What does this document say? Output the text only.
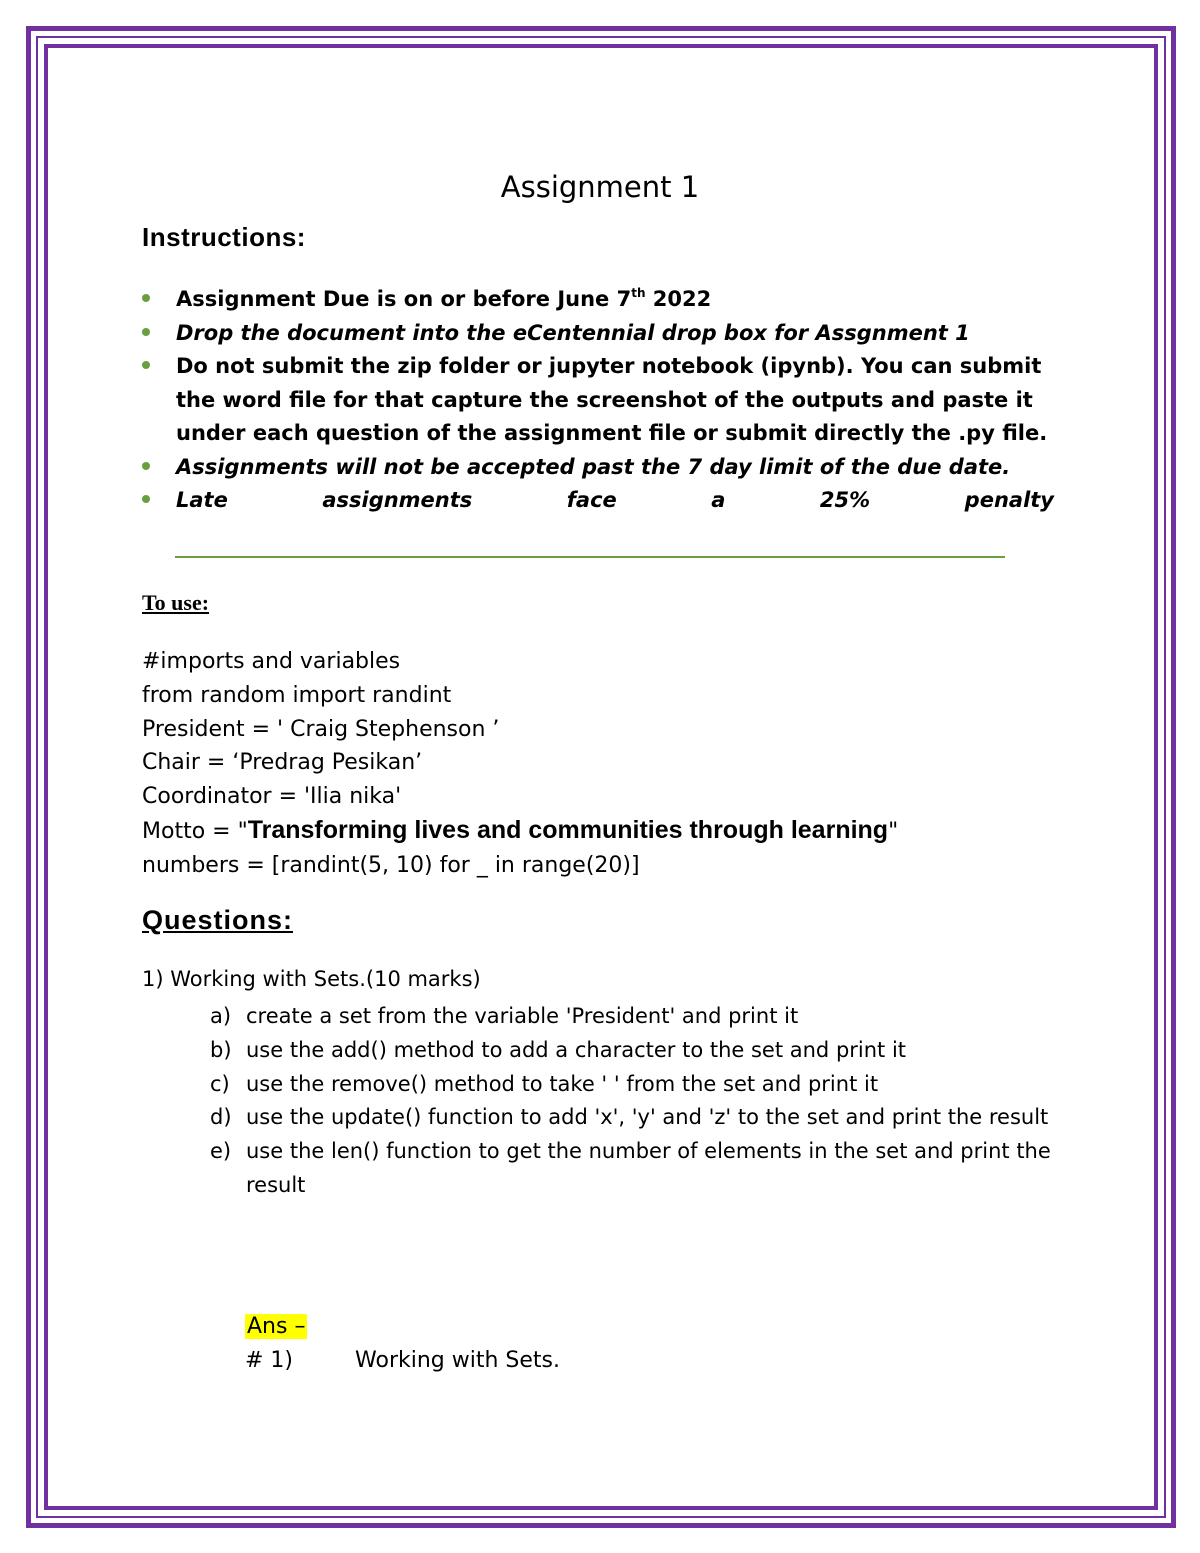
Assignment 1
Instructions:
Assignment Due is on or before June 7th 2022
Drop the document into the eCentennial drop box for Assgnment 1
Do not submit the zip folder or jupyter notebook (ipynb). You can submit the word file for that capture the screenshot of the outputs and paste it under each question of the assignment file or submit directly the .py file.
Assignments will not be accepted past the 7 day limit of the due date.
Late	assignments	face	a	25%	penalty
To use:
#imports and variables
from random import randint
President = ' Craig Stephenson ’
Chair = ‘Predrag Pesikan’
Coordinator = 'Ilia nika'
Motto = "Transforming lives and communities through learning"
numbers = [randint(5, 10) for _ in range(20)]
Questions:
1) Working with Sets.(10 marks)
a) create a set from the variable 'President' and print it
b) use the add() method to add a character to the set and print it
c) use the remove() method to take ' ' from the set and print it
d) use the update() function to add 'x', 'y' and 'z' to the set and print the result
e) use the len() function to get the number of elements in the set and print the result
Ans –
# 1)	Working with Sets.
